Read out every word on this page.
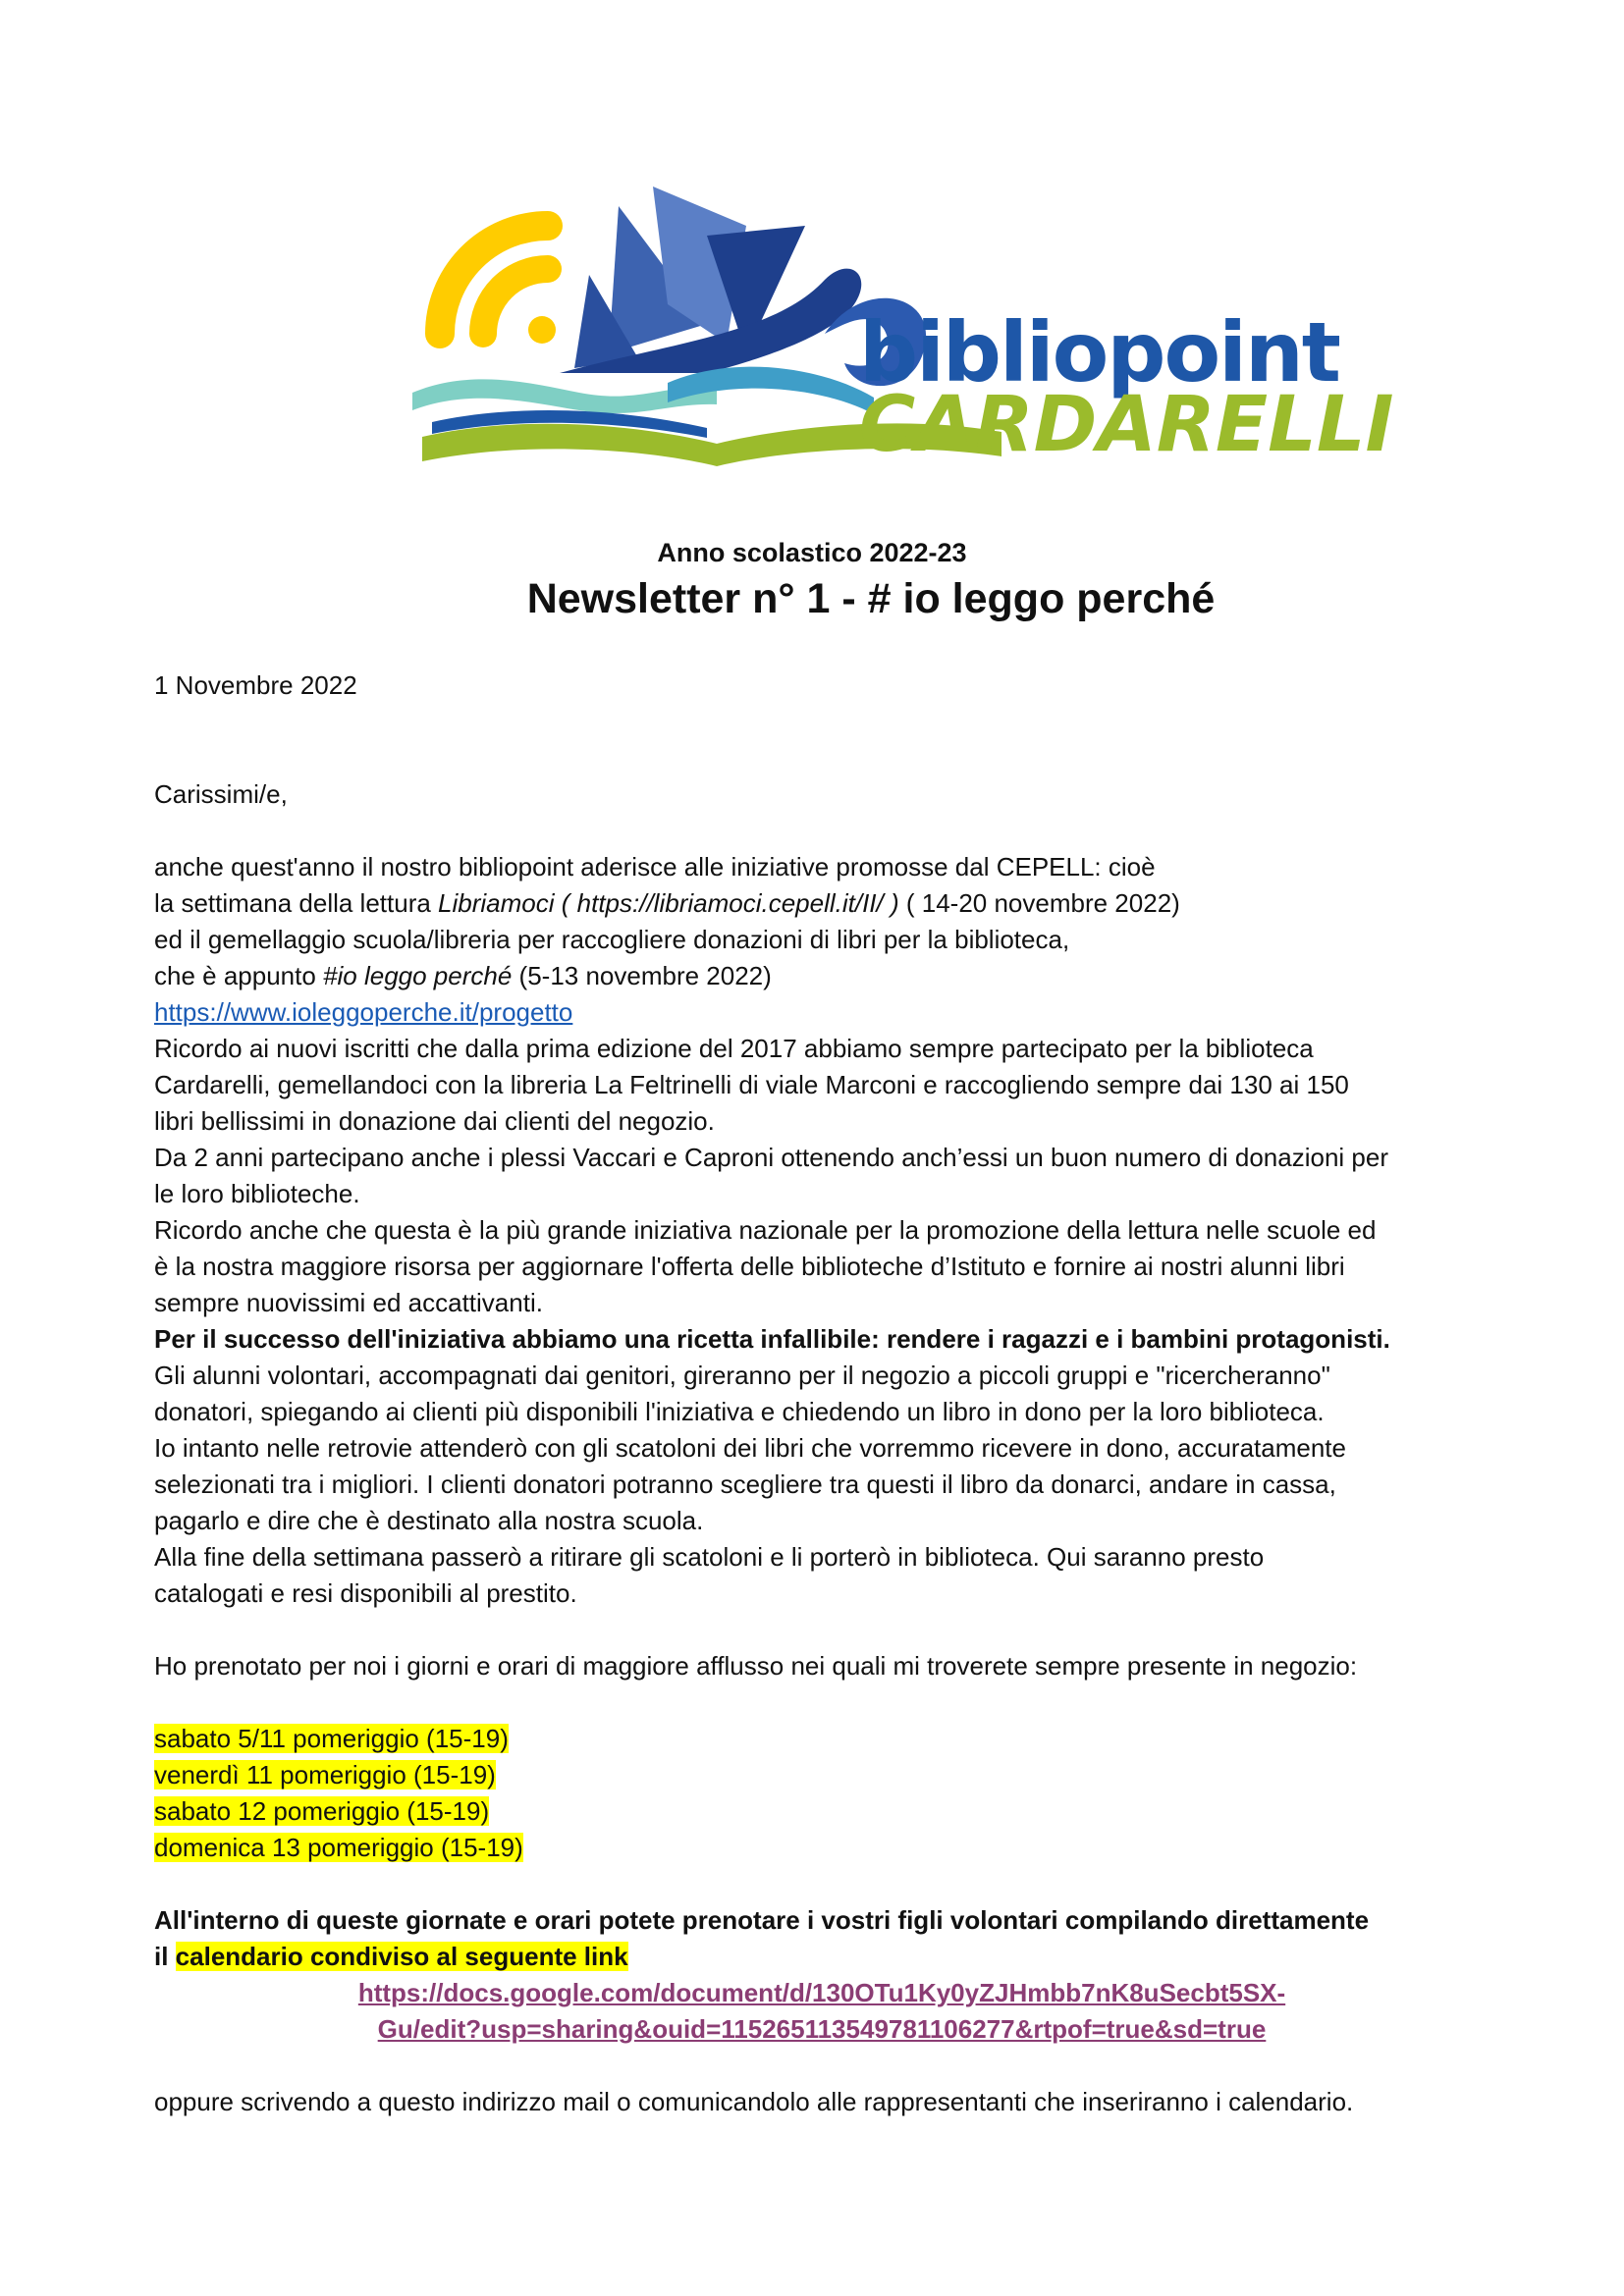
bibliopoint
CARDARELLI
Anno scolastico 2022-23
Newsletter n° 1 - # io leggo perché
1 Novembre 2022
Carissimi/e,
anche quest'anno il nostro bibliopoint aderisce alle iniziative promosse dal CEPELL: cioè
la settimana della lettura Libriamoci ( https://libriamoci.cepell.it/II/ ) ( 14-20 novembre 2022)
ed il gemellaggio scuola/libreria per raccogliere donazioni di libri per la biblioteca,
che è appunto #io leggo perché (5-13 novembre 2022)
https://www.ioleggoperche.it/progetto
Ricordo ai nuovi iscritti che dalla prima edizione del 2017 abbiamo sempre partecipato per la biblioteca
Cardarelli, gemellandoci con la libreria La Feltrinelli di viale Marconi e raccogliendo sempre dai 130 ai 150
libri bellissimi in donazione dai clienti del negozio.
Da 2 anni partecipano anche i plessi Vaccari e Caproni ottenendo anch’essi un buon numero di donazioni per
le loro biblioteche.
Ricordo anche che questa è la più grande iniziativa nazionale per la promozione della lettura nelle scuole ed
è la nostra maggiore risorsa per aggiornare l'offerta delle biblioteche d’Istituto e fornire ai nostri alunni libri
sempre nuovissimi ed accattivanti.
Per il successo dell'iniziativa abbiamo una ricetta infallibile: rendere i ragazzi e i bambini protagonisti.
Gli alunni volontari, accompagnati dai genitori, gireranno per il negozio a piccoli gruppi e "ricercheranno"
donatori, spiegando ai clienti più disponibili l'iniziativa e chiedendo un libro in dono per la loro biblioteca.
Io intanto nelle retrovie attenderò con gli scatoloni dei libri che vorremmo ricevere in dono, accuratamente
selezionati tra i migliori. I clienti donatori potranno scegliere tra questi il libro da donarci, andare in cassa,
pagarlo e dire che è destinato alla nostra scuola.
Alla fine della settimana passerò a ritirare gli scatoloni e li porterò in biblioteca. Qui saranno presto
catalogati e resi disponibili al prestito.
Ho prenotato per noi i giorni e orari di maggiore afflusso nei quali mi troverete sempre presente in negozio:
sabato 5/11 pomeriggio (15-19)
venerdì 11 pomeriggio (15-19)
sabato 12 pomeriggio (15-19)
domenica 13 pomeriggio (15-19)
All'interno di queste giornate e orari potete prenotare i vostri figli volontari compilando direttamente
il calendario condiviso al seguente link
https://docs.google.com/document/d/130OTu1Ky0yZJHmbb7nK8uSecbt5SX-
Gu/edit?usp=sharing&ouid=115265113549781106277&rtpof=true&sd=true
oppure scrivendo a questo indirizzo mail o comunicandolo alle rappresentanti che inseriranno i calendario.
